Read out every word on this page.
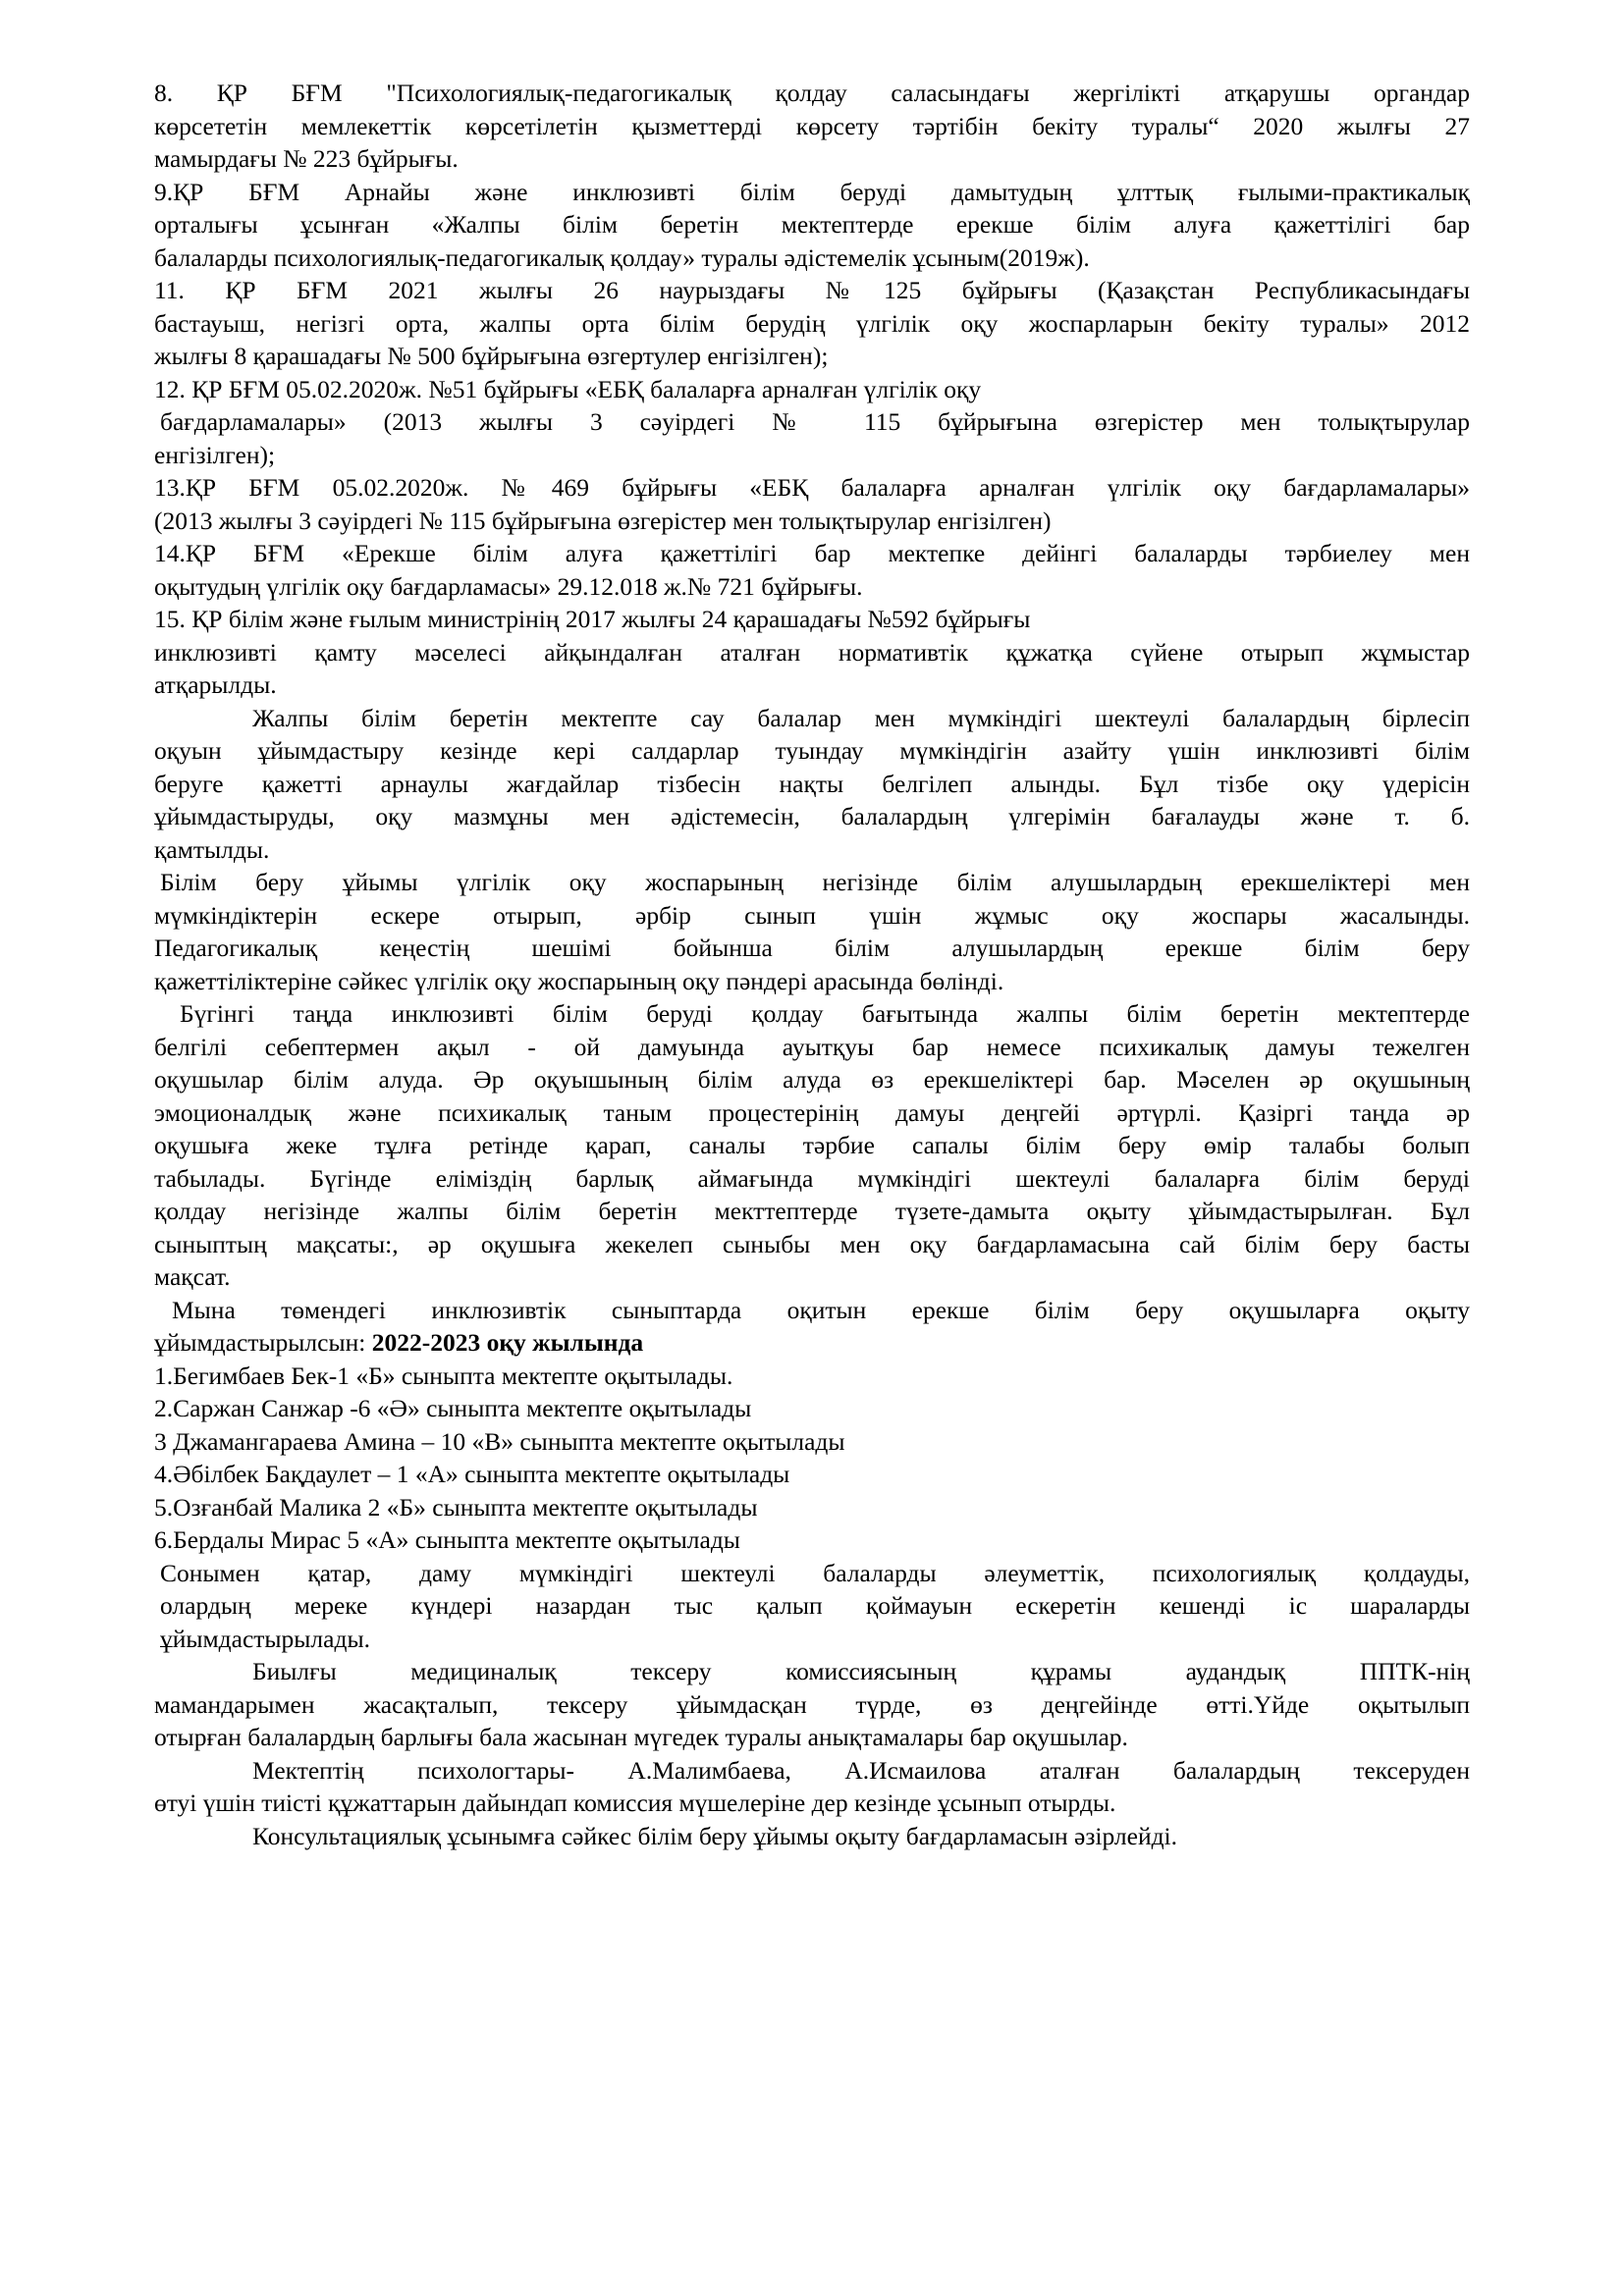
8. ҚР БҒМ "Психологиялық-педагогикалық қолдау саласындағы жергілікті атқарушы органдар
көрсететін мемлекеттік көрсетілетін қызметтерді көрсету тәртібін бекіту туралы“ 2020 жылғы 27
мамырдағы № 223 бұйрығы.
9.ҚР БҒМ Арнайы және инклюзивті білім беруді дамытудың ұлттық ғылыми-практикалық
орталығы ұсынған «Жалпы білім беретін мектептерде ерекше білім алуға қажеттілігі бар
балаларды психологиялық-педагогикалық қолдау» туралы әдістемелік ұсыным(2019ж).
11. ҚР БҒМ 2021 жылғы 26 наурыздағы №125 бұйрығы (Қазақстан Республикасындағы
бастауыш, негізгі орта, жалпы орта білім берудің үлгілік оқу жоспарларын бекіту туралы» 2012
жылғы 8 қарашадағы № 500 бұйрығына өзгертулер енгізілген);
12. ҚР БҒМ 05.02.2020ж. №51 бұйрығы «ЕБҚ балаларға арналған үлгілік оқу
бағдарламалары» (2013 жылғы 3 сәуірдегі № 115 бұйрығына өзгерістер мен толықтырулар
енгізілген);
13.ҚР БҒМ 05.02.2020ж. №469 бұйрығы «ЕБҚ балаларға арналған үлгілік оқу бағдарламалары»
(2013 жылғы 3 сәуірдегі № 115 бұйрығына өзгерістер мен толықтырулар енгізілген)
14.ҚР БҒМ «Ерекше білім алуға қажеттілігі бар мектепке дейінгі балаларды тәрбиелеу мен
оқытудың үлгілік оқу бағдарламасы» 29.12.018 ж.№ 721 бұйрығы.
15. ҚР білім және ғылым министрінің 2017 жылғы 24 қарашадағы №592 бұйрығы
инклюзивті қамту мәселесі айқындалған аталған нормативтік құжатқа сүйене отырып жұмыстар
атқарылды.
Жалпы білім беретін мектепте сау балалар мен мүмкіндігі шектеулі балалардың бірлесіп
оқуын ұйымдастыру кезінде кері салдарлар туындау мүмкіндігін азайту үшін инклюзивті білім
беруге қажетті арнаулы жағдайлар тізбесін нақты белгілеп алынды. Бұл тізбе оқу үдерісін
ұйымдастыруды, оқу мазмұны мен әдістемесін, балалардың үлгерімін бағалауды және т. б.
қамтылды.
Білім беру ұйымы үлгілік оқу жоспарының негізінде білім алушылардың ерекшеліктері мен
мүмкіндіктерін ескере отырып, әрбір сынып үшін жұмыс оқу жоспары жасалынды.
Педагогикалық кеңестің шешімі бойынша білім алушылардың ерекше білім беру
қажеттіліктеріне сәйкес үлгілік оқу жоспарының оқу пәндері арасында бөлінді.
Бүгінгі таңда инклюзивті білім беруді қолдау бағытында жалпы білім беретін мектептерде
белгілі себептермен ақыл - ой дамуында ауытқуы бар немесе психикалық дамуы тежелген
оқушылар білім алуда. Әр оқуышының білім алуда өз ерекшеліктері бар. Мәселен әр оқушының
эмоционалдық және психикалық таным процестерінің дамуы деңгейі әртүрлі. Қазіргі таңда әр
оқушыға жеке тұлға ретінде қарап, саналы тәрбие сапалы білім беру өмір талабы болып
табылады. Бүгінде еліміздің барлық аймағында мүмкіндігі шектеулі балаларға білім беруді
қолдау негізінде жалпы білім беретін мекттептерде түзете-дамыта оқыту ұйымдастырылған. Бұл
сыныптың мақсаты:, әр оқушыға жекелеп сыныбы мен оқу бағдарламасына сай білім беру басты
мақсат.
Мына төмендегі инклюзивтік сыныптарда оқитын ерекше білім беру оқушыларға оқыту
ұйымдастырылсын: 2022-2023 оқу жылында
1.Бегимбаев Бек-1 «Б» сыныпта мектепте оқытылады.
2.Саржан Санжар -6 «Ә» сыныпта мектепте оқытылады
3 Джамангараева Амина – 10 «В» сыныпта мектепте оқытылады
4.Әбілбек Бақдаулет – 1 «А» сыныпта мектепте оқытылады
5.Озғанбай Малика 2 «Б» сыныпта мектепте оқытылады
6.Бердалы Мирас 5 «А» сыныпта мектепте оқытылады
Сонымен қатар, даму мүмкіндігі шектеулі балаларды әлеуметтік, психологиялық қолдауды,
олардың мереке күндері назардан тыс қалып қоймауын ескеретін кешенді іс шараларды
ұйымдастырылады.
Биылғы медициналық тексеру комиссиясының құрамы аудандық ППТК-нің
мамандарымен жасақталып, тексеру ұйымдасқан түрде, өз деңгейінде өтті.Үйде оқытылып
отырған балалардың барлығы бала жасынан мүгедек туралы анықтамалары бар оқушылар.
Мектептің психологтары- А.Малимбаева, А.Исмаилова аталған балалардың тексеруден
өтуі үшін тиісті құжаттарын дайындап комиссия мүшелеріне дер кезінде ұсынып отырды.
Консультациялық ұсынымға сәйкес білім беру ұйымы оқыту бағдарламасын әзірлейді.
